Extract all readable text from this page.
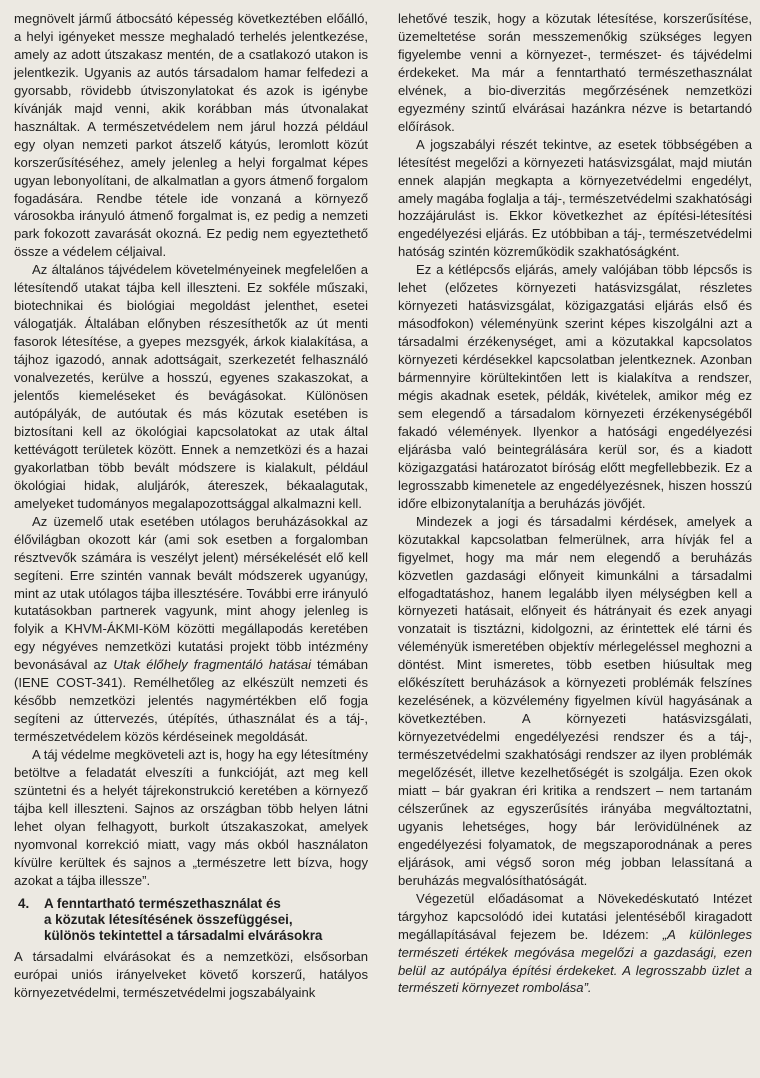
megnövelt jármű átbocsátó képesség következtében előálló, a helyi igényeket messze meghaladó terhelés jelentkezése, amely az adott útszakasz mentén, de a csatlakozó utakon is jelentkezik. Ugyanis az autós társadalom hamar felfedezi a gyorsabb, rövidebb útviszonylatokat és azok is igénybe kívánják majd venni, akik korábban más útvonalakat használtak. A természetvédelem nem járul hozzá például egy olyan nemzeti parkot átszelő kátyús, leromlott közút korszerűsítéséhez, amely jelenleg a helyi forgalmat képes ugyan lebonyolítani, de alkalmatlan a gyors átmenő forgalom fogadására. Rendbe tétele ide vonzaná a környező városokba irányuló átmenő forgalmat is, ez pedig a nemzeti park fokozott zavarását okozná. Ez pedig nem egyeztethető össze a védelem céljaival.

Az általános tájvédelem követelményeinek megfelelően a létesítendő utakat tájba kell illeszteni. Ez sokféle műszaki, biotechnikai és biológiai megoldást jelenthet, esetei válogatják. Általában előnyben részesíthetők az út menti fasorok létesítése, a gyepes mezsgyék, árkok kialakítása, a tájhoz igazodó, annak adottságait, szerkezetét felhasználó vonalvezetés, kerülve a hosszú, egyenes szakaszokat, a jelentős kiemeléseket és bevágásokat. Különösen autópályák, de autóutak és más közutak esetében is biztosítani kell az ökológiai kapcsolatokat az utak által kettévágott területek között. Ennek a nemzetközi és a hazai gyakorlatban több bevált módszere is kialakult, például ökológiai hidak, aluljárók, átereszek, békaalagutak, amelyeket tudományos megalapozottsággal alkalmazni kell.

Az üzemelő utak esetében utólagos beruházásokkal az élővilágban okozott kár (ami sok esetben a forgalomban résztvevők számára is veszélyt jelent) mérsékelését elő kell segíteni. Erre szintén vannak bevált módszerek ugyanúgy, mint az utak utólagos tájba illesztésére. További erre irányuló kutatásokban partnerek vagyunk, mint ahogy jelenleg is folyik a KHVM-ÁKMI-KöM közötti megállapodás keretében egy négyéves nemzetközi kutatási projekt több intézmény bevonásával az Utak élőhely fragmentáló hatásai témában (IENE COST-341). Remélhetőleg az elkészült nemzeti és később nemzetközi jelentés nagymértékben elő fogja segíteni az úttervezés, útépítés, úthasználat és a táj-, természetvédelem közös kérdéseinek megoldását.

A táj védelme megköveteli azt is, hogy ha egy létesítmény betöltve a feladatát elveszíti a funkcióját, azt meg kell szüntetni és a helyét tájrekonstrukció keretében a környező tájba kell illeszteni. Sajnos az országban több helyen látni lehet olyan felhagyott, burkolt útszakaszokat, amelyek nyomvonal korrekció miatt, vagy más okból használaton kívülre kerültek és sajnos a „természetre lett bízva, hogy azokat a tájba illessze”.

4.	A fenntartható természethasználat és
a közutak létesítésének összefüggései,
különös tekintettel a társadalmi elvárásokra

A társadalmi elvárásokat és a nemzetközi, elsősorban európai uniós irányelveket követő korszerű, hatályos környezetvédelmi, természetvédelmi jogszabályaink

lehetővé teszik, hogy a közutak létesítése, korszerűsítése, üzemeltetése során messzemenőkig szükséges legyen figyelembe venni a környezet-, természet- és tájvédelmi érdekeket. Ma már a fenntartható természethasználat elvének, a bio-diverzitás megőrzésének nemzetközi egyezmény szintű elvárásai hazánkra nézve is betartandó előírások.

A jogszabályi részét tekintve, az esetek többségében a létesítést megelőzi a környezeti hatásvizsgálat, majd miután ennek alapján megkapta a környezetvédelmi engedélyt, amely magába foglalja a táj-, természetvédelmi szakhatósági hozzájárulást is. Ekkor következhet az építési-létesítési engedélyezési eljárás. Ez utóbbiban a táj-, természetvédelmi hatóság szintén közreműködik szakhatóságként.

Ez a kétlépcsős eljárás, amely valójában több lépcsős is lehet (előzetes környezeti hatásvizsgálat, részletes környezeti hatásvizsgálat, közigazgatási eljárás első és másodfokon) véleményünk szerint képes kiszolgálni azt a társadalmi érzékenységet, ami a közutakkal kapcsolatos környezeti kérdésekkel kapcsolatban jelentkeznek. Azonban bármennyire körültekintően lett is kialakítva a rendszer, mégis akadnak esetek, példák, kivételek, amikor még ez sem elegendő a társadalom környezeti érzékenységéből fakadó vélemények. Ilyenkor a hatósági engedélyezési eljárásba való beintegrálására kerül sor, és a kiadott közigazgatási határozatot bíróság előtt megfellebbezik. Ez a legrosszabb kimenetele az engedélyezésnek, hiszen hosszú időre elbizonytalanítja a beruházás jövőjét.

Mindezek a jogi és társadalmi kérdések, amelyek a közutakkal kapcsolatban felmerülnek, arra hívják fel a figyelmet, hogy ma már nem elegendő a beruházás közvetlen gazdasági előnyeit kimunkálni a társadalmi elfogadtatáshoz, hanem legalább ilyen mélységben kell a környezeti hatásait, előnyeit és hátrányait és ezek anyagi vonzatait is tisztázni, kidolgozni, az érintettek elé tárni és véleményük ismeretében objektív mérlegeléssel meghozni a döntést. Mint ismeretes, több esetben hiúsultak meg előkészített beruházások a környezeti problémák felszínes kezelésének, a közvélemény figyelmen kívül hagyásának a következtében. A környezeti hatásvizsgálati, környezetvédelmi engedélyezési rendszer és a táj-, természetvédelmi szakhatósági rendszer az ilyen problémák megelőzését, illetve kezelhetőségét is szolgálja. Ezen okok miatt – bár gyakran éri kritika a rendszert – nem tartanám célszerűnek az egyszerűsítés irányába megváltoztatni, ugyanis lehetséges, hogy bár lerövidülnének az engedélyezési folyamatok, de megszaporodnának a peres eljárások, ami végső soron még jobban lelassítaná a beruházás megvalósíthatóságát.

Végezetül előadásomat a Növekedéskutató Intézet tárgyhoz kapcsolódó idei kutatási jelentéséből kiragadott megállapításával fejezem be. Idézem: „A különleges természeti értékek megóvása megelőzi a gazdasági, ezen belül az autópálya építési érdekeket. A legrosszabb üzlet a természeti környezet rombolása”.
